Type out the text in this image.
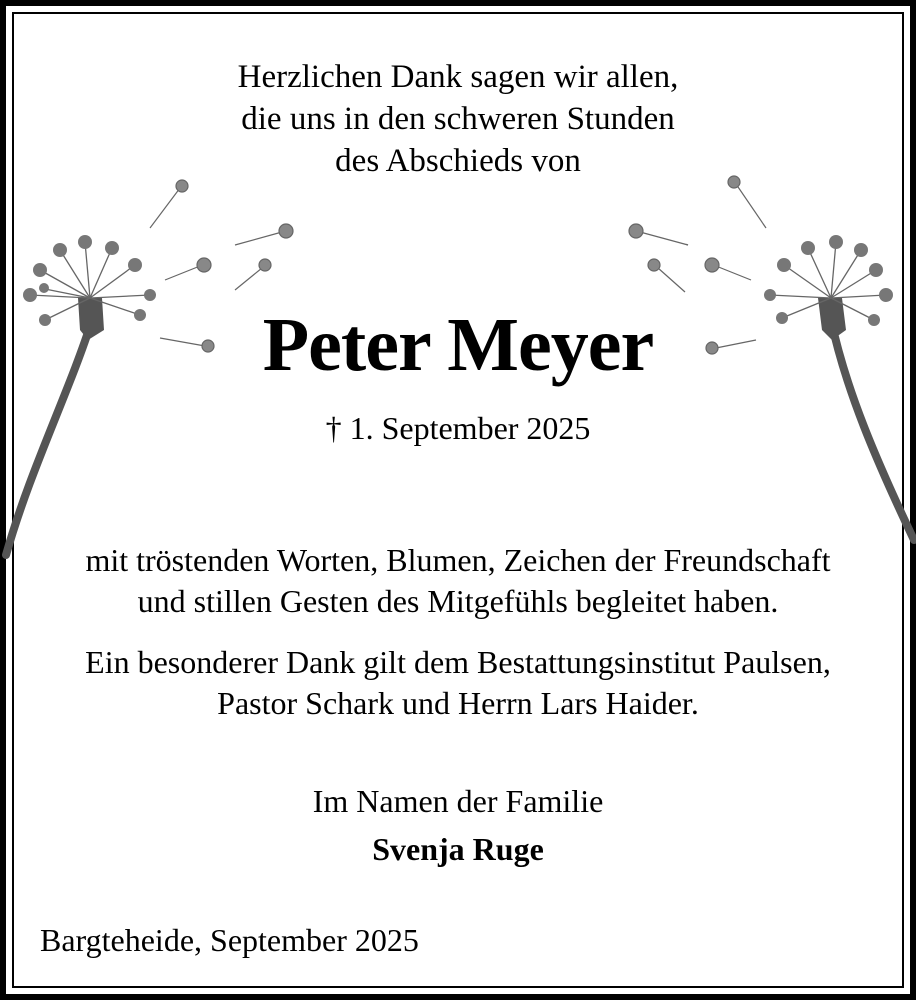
Herzlichen Dank sagen wir allen,
die uns in den schweren Stunden
des Abschieds von
Peter Meyer
† 1. September 2025
mit tröstenden Worten, Blumen, Zeichen der Freundschaft
und stillen Gesten des Mitgefühls begleitet haben.
Ein besonderer Dank gilt dem Bestattungsinstitut Paulsen,
Pastor Schark und Herrn Lars Haider.
Im Namen der Familie
Svenja Ruge
Bargteheide, September 2025
